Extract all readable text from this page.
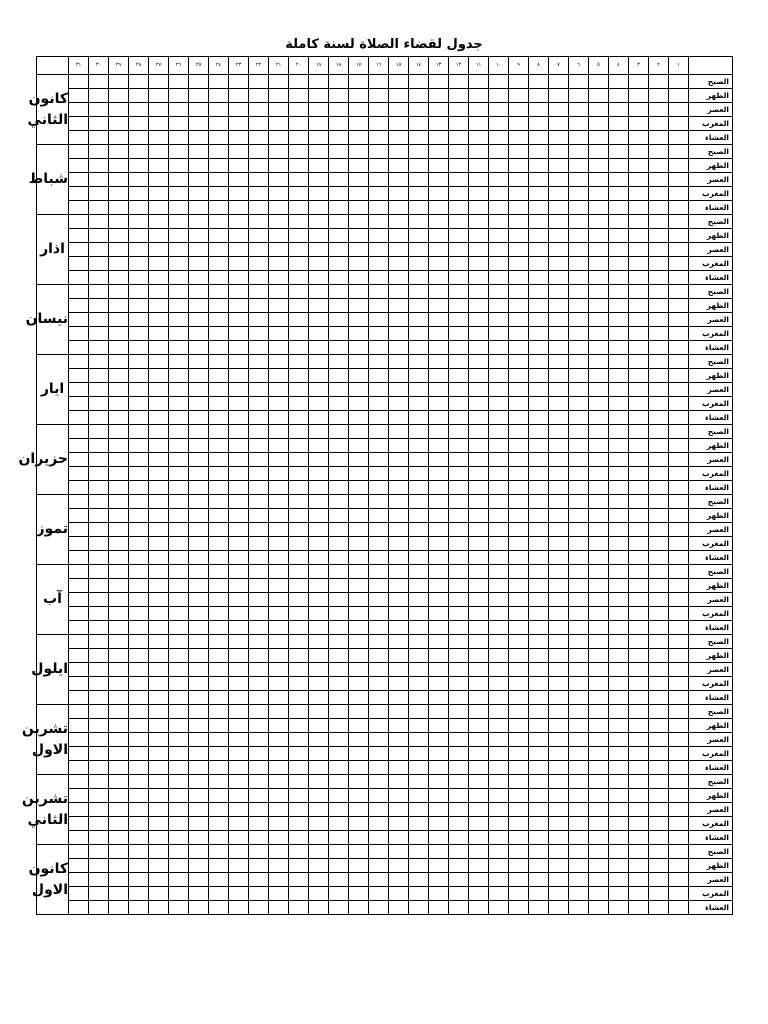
جدول لقضاء الصلاة لسنة كاملة
	١	٢	٣	٤	٥	٦	٧	٨	٩	١٠	١١	١٢	١٣	١٤	١٥	١٦	١٧	١٨	١٩	٢٠	٢١	٢٢	٢٣	٢٤	٢٥	٢٦	٢٧	٢٨	٢٩	٣٠	٣١	
الصبح																																كانون الثاني
الظهر																																
العصر																																
المغرب																																
العشاء																																
الصبح																																شباط
الظهر																																
العصر																																
المغرب																																
العشاء																																
الصبح																																اذار
الظهر																																
العصر																																
المغرب																																
العشاء																																
الصبح																																نيسان
الظهر																																
العصر																																
المغرب																																
العشاء																																
الصبح																																ايار
الظهر																																
العصر																																
المغرب																																
العشاء																																
الصبح																																حزيران
الظهر																																
العصر																																
المغرب																																
العشاء																																
الصبح																																تموز
الظهر																																
العصر																																
المغرب																																
العشاء																																
الصبح																																آب
الظهر																																
العصر																																
المغرب																																
العشاء																																
الصبح																																ايلول
الظهر																																
العصر																																
المغرب																																
العشاء																																
الصبح																																تشرين الاول
الظهر																																
العصر																																
المغرب																																
العشاء																																
الصبح																																تشرين الثاني
الظهر																																
العصر																																
المغرب																																
العشاء																																
الصبح																																كانون الاول
الظهر																																
العصر																																
المغرب																																
العشاء																																
